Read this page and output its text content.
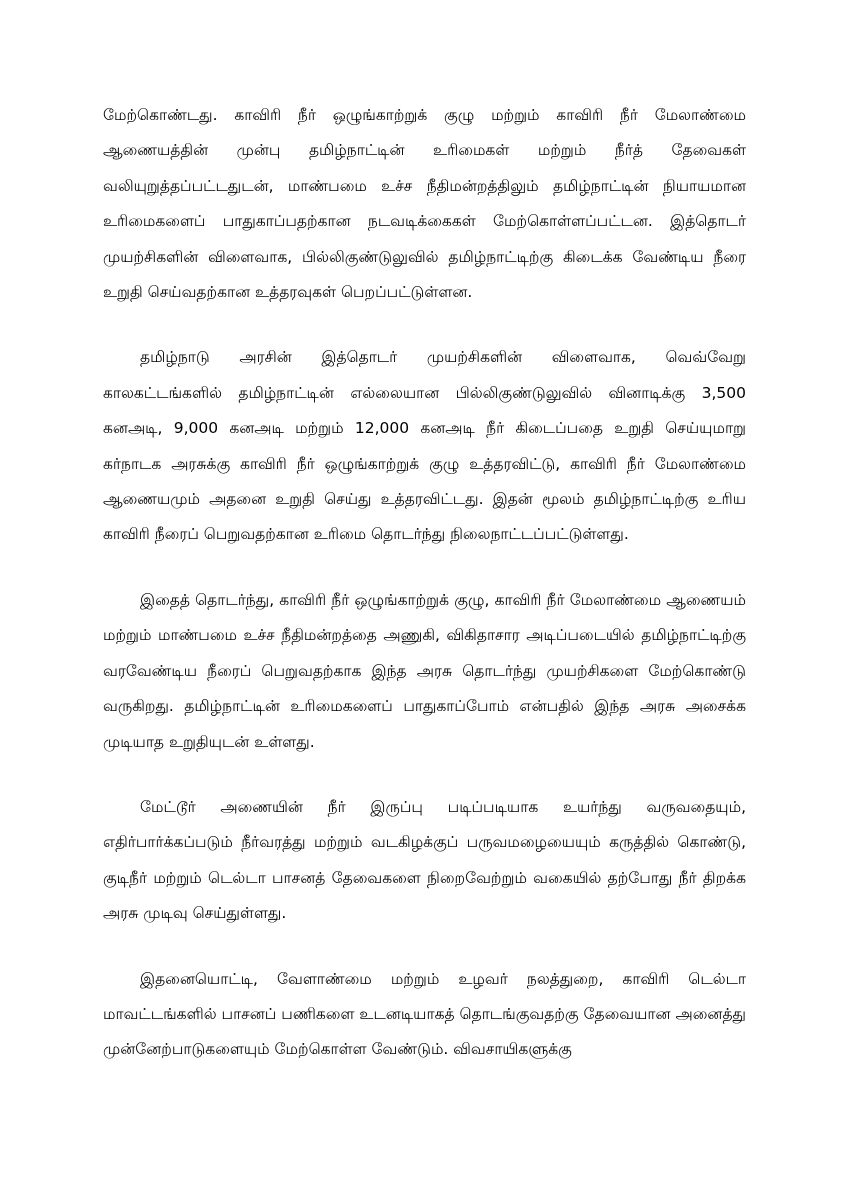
மேற்கொண்டது. காவிரி நீர் ஒழுங்காற்றுக் குழு மற்றும் காவிரி நீர் மேலாண்மை ஆணையத்தின் முன்பு தமிழ்நாட்டின் உரிமைகள் மற்றும் நீர்த் தேவைகள் வலியுறுத்தப்பட்டதுடன், மாண்பமை உச்ச நீதிமன்றத்திலும் தமிழ்நாட்டின் நியாயமான உரிமைகளைப் பாதுகாப்பதற்கான நடவடிக்கைகள் மேற்கொள்ளப்பட்டன. இத்தொடர் முயற்சிகளின் விளைவாக, பில்லிகுண்டுலுவில் தமிழ்நாட்டிற்கு கிடைக்க வேண்டிய நீரை உறுதி செய்வதற்கான உத்தரவுகள் பெறப்பட்டுள்ளன.

தமிழ்நாடு அரசின் இத்தொடர் முயற்சிகளின் விளைவாக, வெவ்வேறு காலகட்டங்களில் தமிழ்நாட்டின் எல்லையான பில்லிகுண்டுலுவில் வினாடிக்கு 3,500 கனஅடி, 9,000 கனஅடி மற்றும் 12,000 கனஅடி நீர் கிடைப்பதை உறுதி செய்யுமாறு கர்நாடக அரசுக்கு காவிரி நீர் ஒழுங்காற்றுக் குழு உத்தரவிட்டு, காவிரி நீர் மேலாண்மை ஆணையமும் அதனை உறுதி செய்து உத்தரவிட்டது. இதன் மூலம் தமிழ்நாட்டிற்கு உரிய காவிரி நீரைப் பெறுவதற்கான உரிமை தொடர்ந்து நிலைநாட்டப்பட்டுள்ளது.

இதைத் தொடர்ந்து, காவிரி நீர் ஒழுங்காற்றுக் குழு, காவிரி நீர் மேலாண்மை ஆணையம் மற்றும் மாண்பமை உச்ச நீதிமன்றத்தை அணுகி, விகிதாசார அடிப்படையில் தமிழ்நாட்டிற்கு வரவேண்டிய நீரைப் பெறுவதற்காக இந்த அரசு தொடர்ந்து முயற்சிகளை மேற்கொண்டு வருகிறது. தமிழ்நாட்டின் உரிமைகளைப் பாதுகாப்போம் என்பதில் இந்த அரசு அசைக்க முடியாத உறுதியுடன் உள்ளது.

மேட்டூர் அணையின் நீர் இருப்பு படிப்படியாக உயர்ந்து வருவதையும், எதிர்பார்க்கப்படும் நீர்வரத்து மற்றும் வடகிழக்குப் பருவமழையையும் கருத்தில் கொண்டு, குடிநீர் மற்றும் டெல்டா பாசனத் தேவைகளை நிறைவேற்றும் வகையில் தற்போது நீர் திறக்க அரசு முடிவு செய்துள்ளது.

இதனையொட்டி, வேளாண்மை மற்றும் உழவர் நலத்துறை, காவிரி டெல்டா மாவட்டங்களில் பாசனப் பணிகளை உடனடியாகத் தொடங்குவதற்கு தேவையான அனைத்து முன்னேற்பாடுகளையும் மேற்கொள்ள வேண்டும். விவசாயிகளுக்கு
